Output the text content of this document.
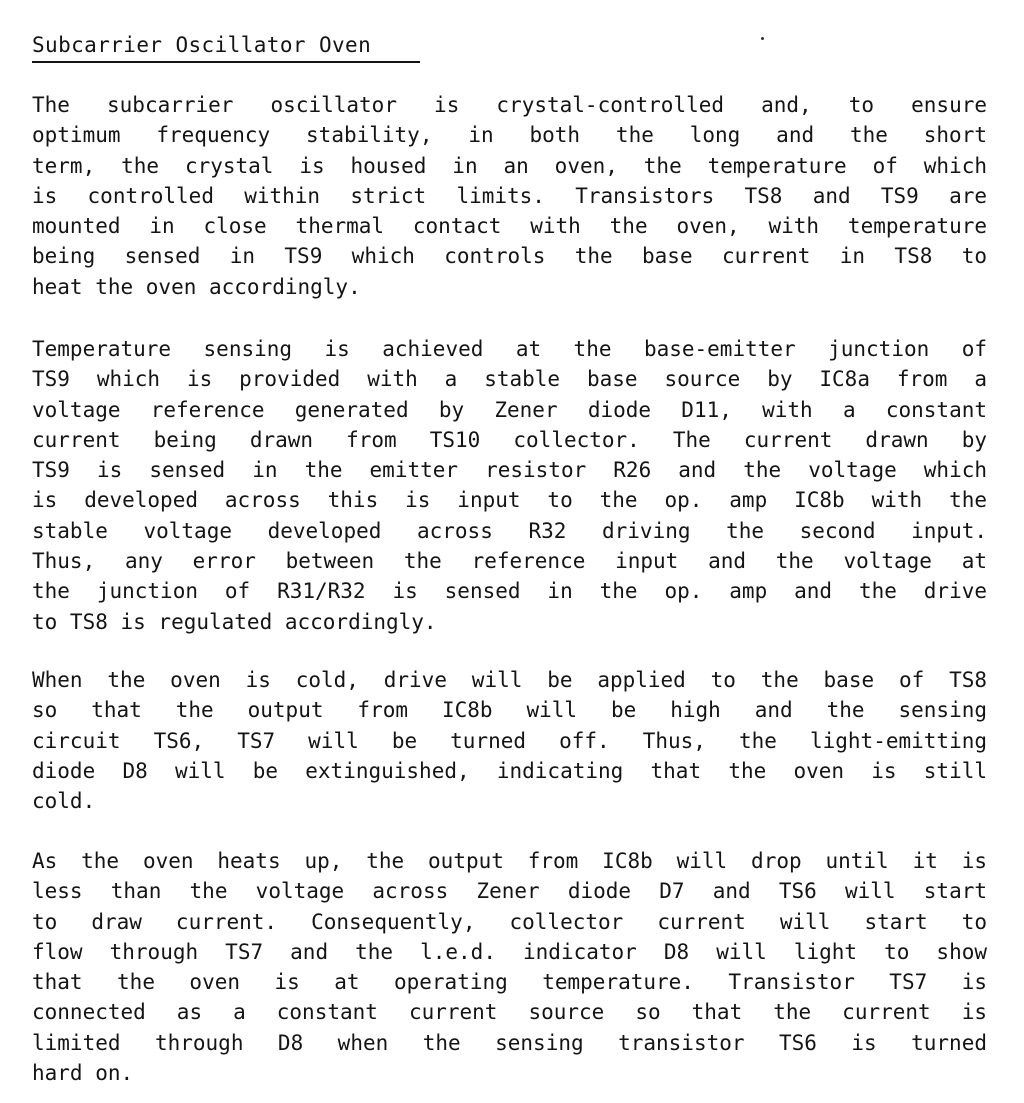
Subcarrier Oscillator Oven
The subcarrier oscillator is crystal-controlled and, to ensure
optimum frequency stability, in both the long and the short
term, the crystal is housed in an oven, the temperature of which
is controlled within strict limits. Transistors TS8 and TS9 are
mounted in close thermal contact with the oven, with temperature
being sensed in TS9 which controls the base current in TS8 to
heat the oven accordingly.
Temperature sensing is achieved at the base-emitter junction of
TS9 which is provided with a stable base source by IC8a from a
voltage reference generated by Zener diode D11, with a constant
current being drawn from TS10 collector. The current drawn by
TS9 is sensed in the emitter resistor R26 and the voltage which
is developed across this is input to the op. amp IC8b with the
stable voltage developed across R32 driving the second input.
Thus, any error between the reference input and the voltage at
the junction of R31/R32 is sensed in the op. amp and the drive
to TS8 is regulated accordingly.
When the oven is cold, drive will be applied to the base of TS8
so that the output from IC8b will be high and the sensing
circuit TS6, TS7 will be turned off. Thus, the light-emitting
diode D8 will be extinguished, indicating that the oven is still
cold.
As the oven heats up, the output from IC8b will drop until it is
less than the voltage across Zener diode D7 and TS6 will start
to draw current. Consequently, collector current will start to
flow through TS7 and the l.e.d. indicator D8 will light to show
that the oven is at operating temperature. Transistor TS7 is
connected as a constant current source so that the current is
limited through D8 when the sensing transistor TS6 is turned
hard on.
